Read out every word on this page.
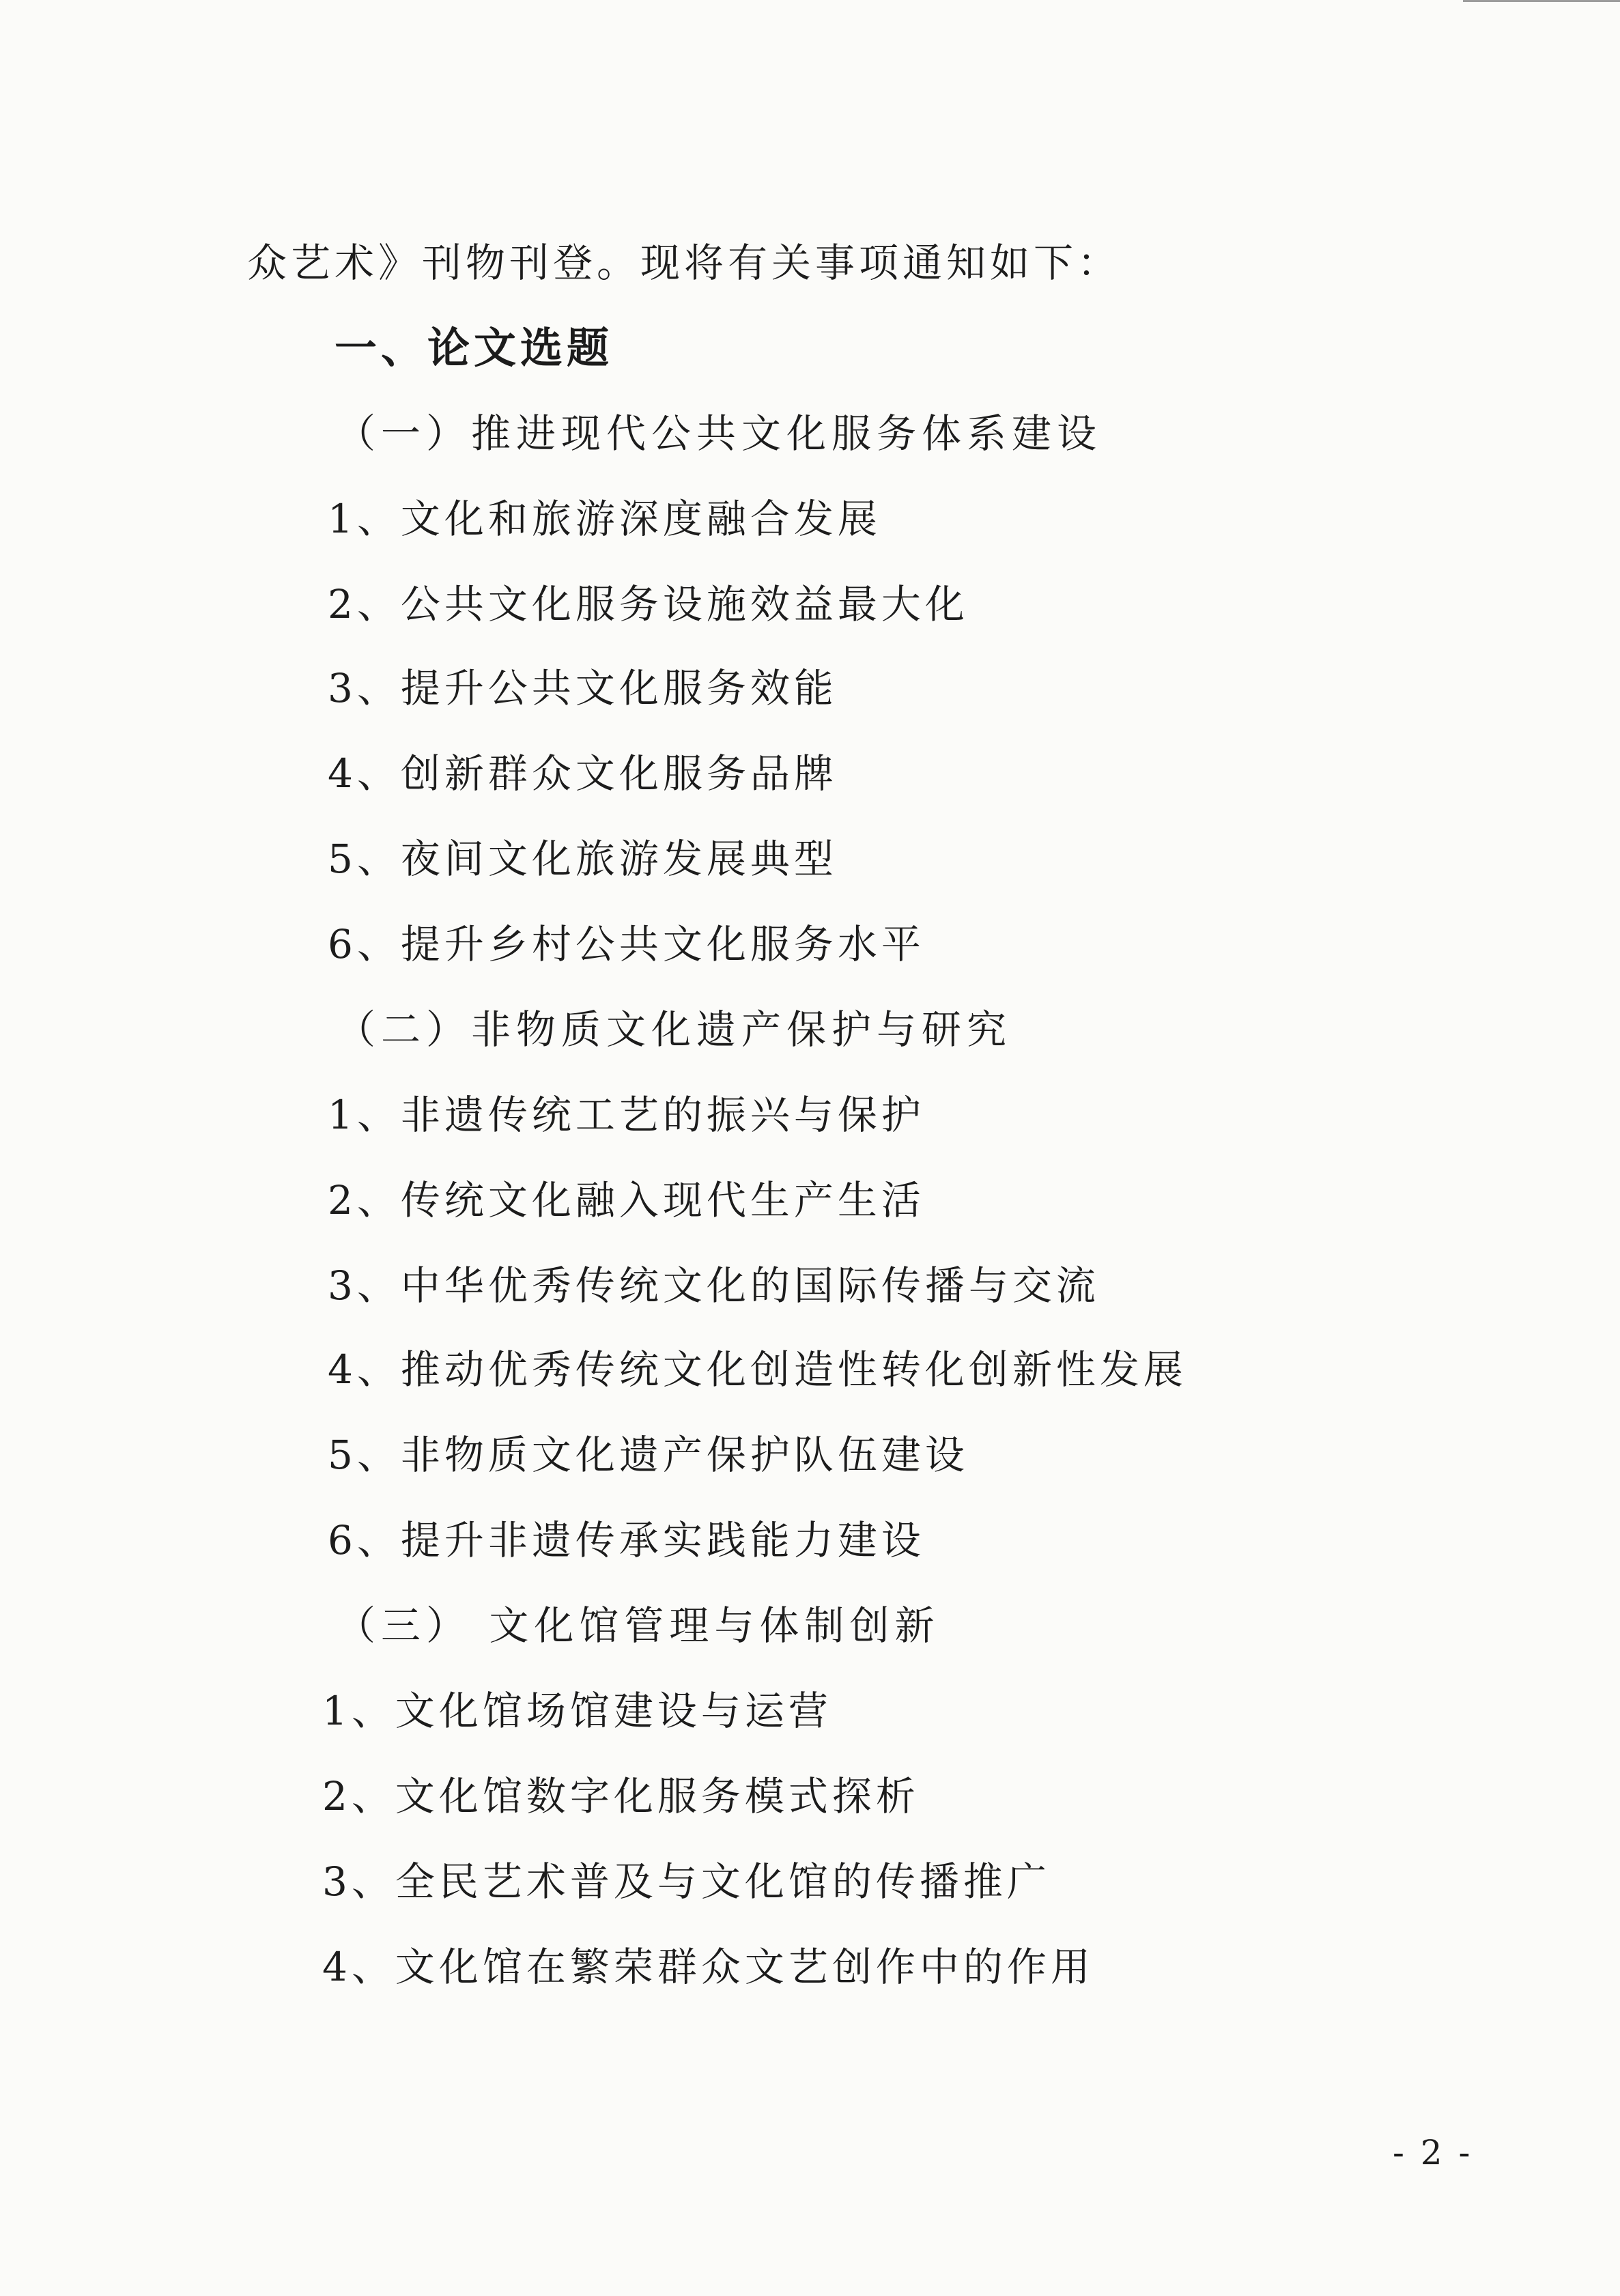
众艺术》刊物刊登。现将有关事项通知如下：
一、论文选题
（一）推进现代公共文化服务体系建设
1、文化和旅游深度融合发展
2、公共文化服务设施效益最大化
3、提升公共文化服务效能
4、创新群众文化服务品牌
5、夜间文化旅游发展典型
6、提升乡村公共文化服务水平
（二）非物质文化遗产保护与研究
1、非遗传统工艺的振兴与保护
2、传统文化融入现代生产生活
3、中华优秀传统文化的国际传播与交流
4、推动优秀传统文化创造性转化创新性发展
5、非物质文化遗产保护队伍建设
6、提升非遗传承实践能力建设
（三） 文化馆管理与体制创新
1、文化馆场馆建设与运营
2、文化馆数字化服务模式探析
3、全民艺术普及与文化馆的传播推广
4、文化馆在繁荣群众文艺创作中的作用
- 2 -
